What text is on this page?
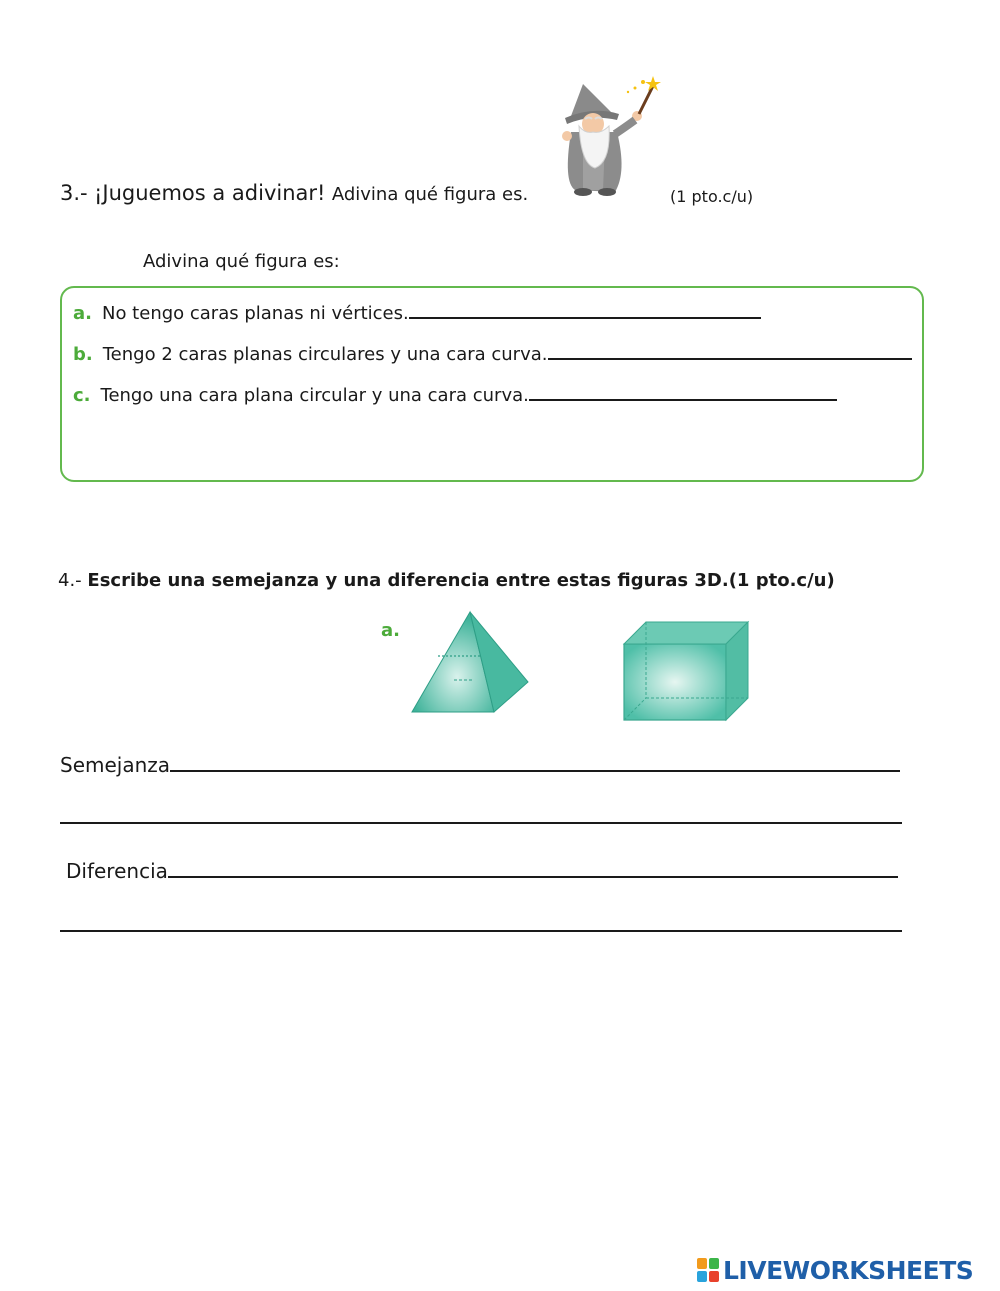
3.- ¡Juguemos a adivinar! Adivina qué figura es.	(1 pto.c/u)
Adivina qué figura es:
a. No tengo caras planas ni vértices.
b. Tengo 2 caras planas circulares y una cara curva.
c. Tengo una cara plana circular y una cara curva.
4.- Escribe una semejanza y una diferencia entre estas figuras 3D.(1 pto.c/u)
a.
Semejanza
Diferencia
LIVEWORKSHEETS
